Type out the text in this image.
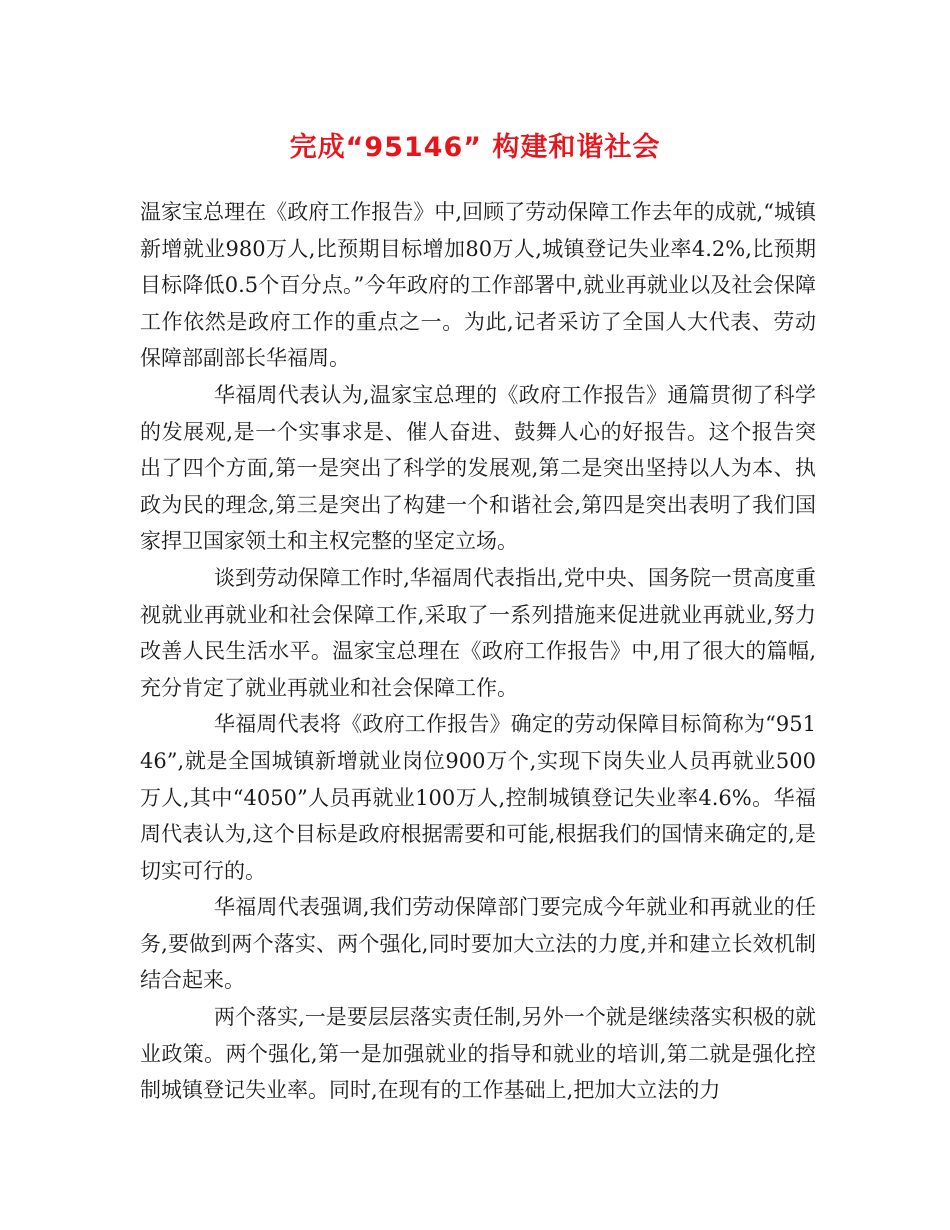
完成“95146” 构建和谐社会

温家宝总理在《政府工作报告》中,回顾了劳动保障工作去年的成就,“城镇新增就业980万人,比预期目标增加80万人,城镇登记失业率4.2%,比预期目标降低0.5个百分点。”今年政府的工作部署中,就业再就业以及社会保障工作依然是政府工作的重点之一。为此,记者采访了全国人大代表、劳动保障部副部长华福周。

华福周代表认为,温家宝总理的《政府工作报告》通篇贯彻了科学的发展观,是一个实事求是、催人奋进、鼓舞人心的好报告。这个报告突出了四个方面,第一是突出了科学的发展观,第二是突出坚持以人为本、执政为民的理念,第三是突出了构建一个和谐社会,第四是突出表明了我们国家捍卫国家领土和主权完整的坚定立场。

谈到劳动保障工作时,华福周代表指出,党中央、国务院一贯高度重视就业再就业和社会保障工作,采取了一系列措施来促进就业再就业,努力改善人民生活水平。温家宝总理在《政府工作报告》中,用了很大的篇幅,充分肯定了就业再就业和社会保障工作。

华福周代表将《政府工作报告》确定的劳动保障目标简称为“95146”,就是全国城镇新增就业岗位900万个,实现下岗失业人员再就业500万人,其中“4050”人员再就业100万人,控制城镇登记失业率4.6%。华福周代表认为,这个目标是政府根据需要和可能,根据我们的国情来确定的,是切实可行的。

华福周代表强调,我们劳动保障部门要完成今年就业和再就业的任务,要做到两个落实、两个强化,同时要加大立法的力度,并和建立长效机制结合起来。

两个落实,一是要层层落实责任制,另外一个就是继续落实积极的就业政策。两个强化,第一是加强就业的指导和就业的培训,第二就是强化控制城镇登记失业率。同时,在现有的工作基础上,把加大立法的力
